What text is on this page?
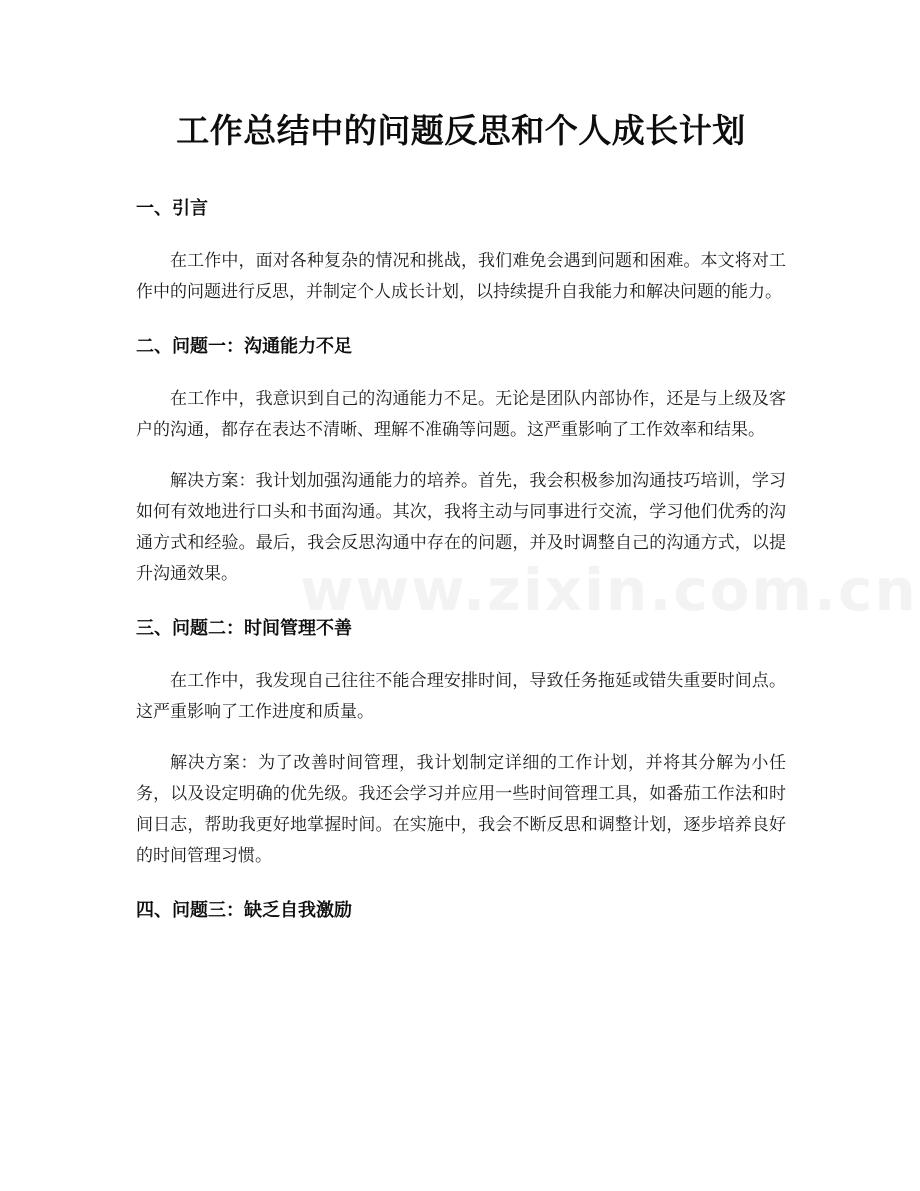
工作总结中的问题反思和个人成长计划
一、引言

在工作中，面对各种复杂的情况和挑战，我们难免会遇到问题和困难。本文将对工作中的问题进行反思，并制定个人成长计划，以持续提升自我能力和解决问题的能力。

二、问题一：沟通能力不足

在工作中，我意识到自己的沟通能力不足。无论是团队内部协作，还是与上级及客户的沟通，都存在表达不清晰、理解不准确等问题。这严重影响了工作效率和结果。

解决方案：我计划加强沟通能力的培养。首先，我会积极参加沟通技巧培训，学习如何有效地进行口头和书面沟通。其次，我将主动与同事进行交流，学习他们优秀的沟通方式和经验。最后，我会反思沟通中存在的问题，并及时调整自己的沟通方式，以提升沟通效果。

三、问题二：时间管理不善

在工作中，我发现自己往往不能合理安排时间，导致任务拖延或错失重要时间点。这严重影响了工作进度和质量。

解决方案：为了改善时间管理，我计划制定详细的工作计划，并将其分解为小任务，以及设定明确的优先级。我还会学习并应用一些时间管理工具，如番茄工作法和时间日志，帮助我更好地掌握时间。在实施中，我会不断反思和调整计划，逐步培养良好的时间管理习惯。

四、问题三：缺乏自我激励
www.zixin.com.cn
